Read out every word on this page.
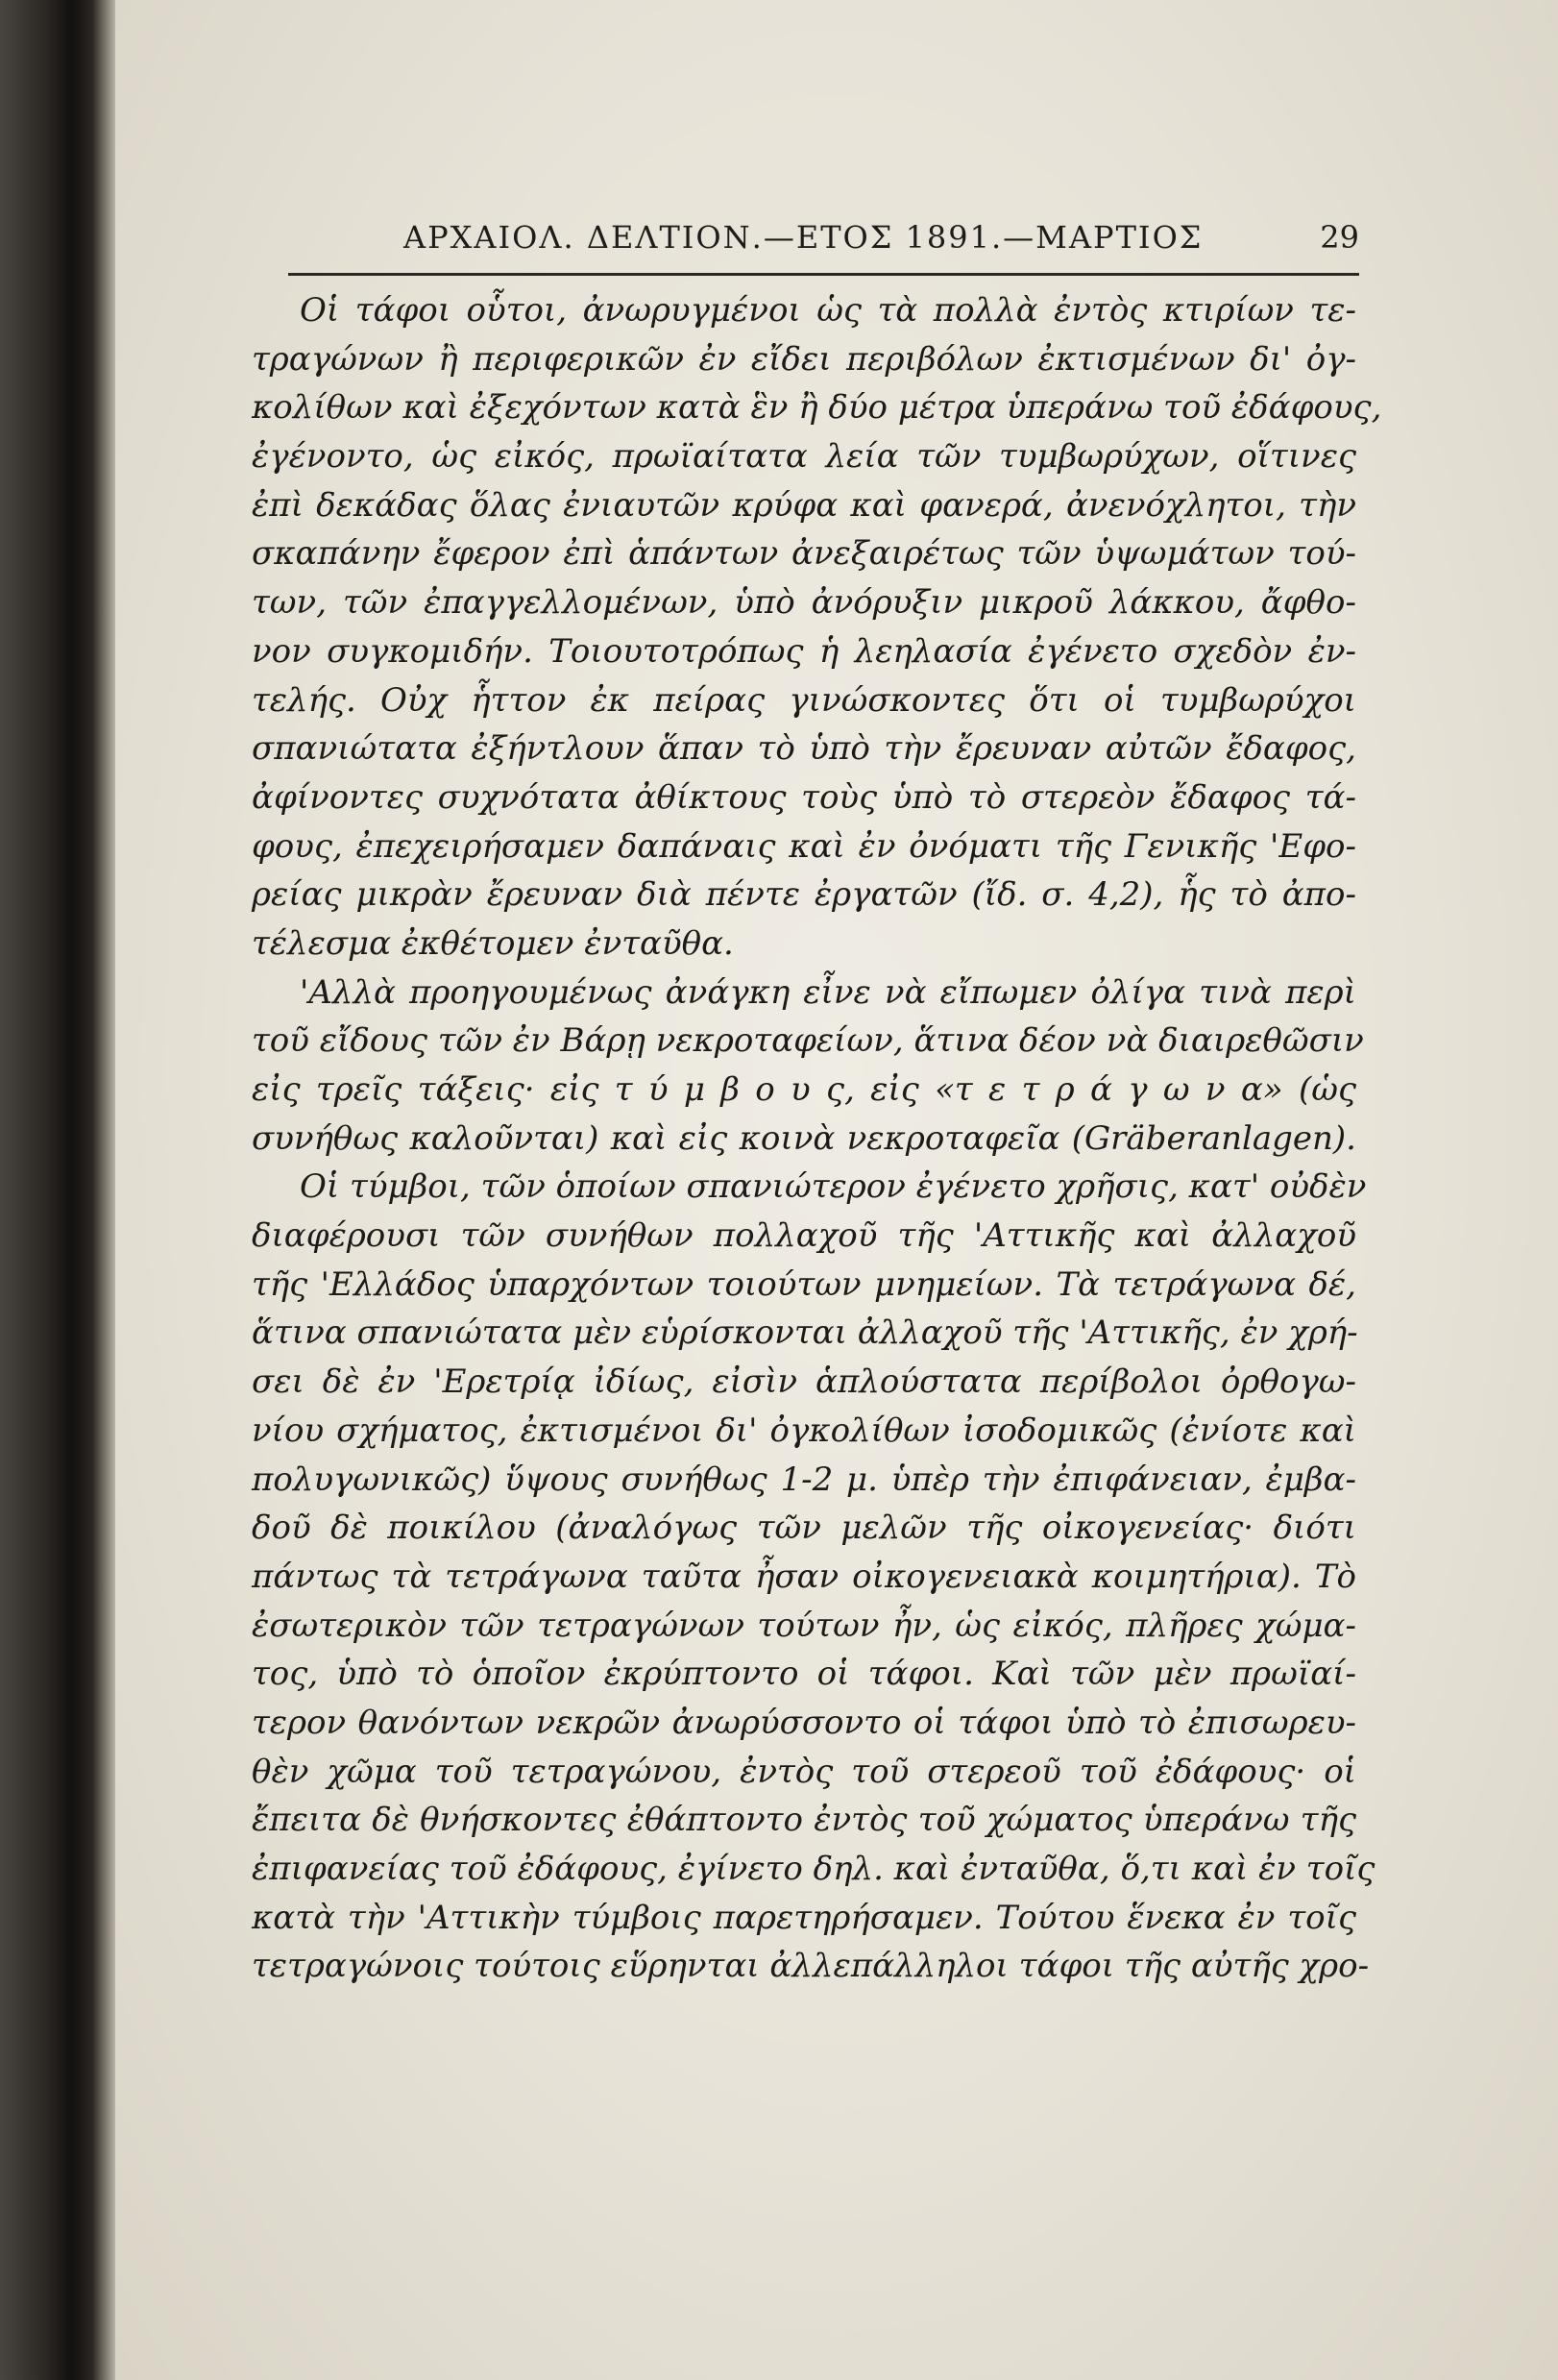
ΑΡΧΑΙΟΛ. ΔΕΛΤΙΟΝ.—ΕΤΟΣ 1891.—ΜΑΡΤΙΟΣ	29
Οἱ τάφοι οὗτοι, ἀνωρυγμένοι ὡς τὰ πολλὰ ἐντὸς κτιρίων τε-
τραγώνων ἢ περιφερικῶν ἐν εἴδει περιβόλων ἐκτισμένων δι' ὀγ-
κολίθων καὶ ἐξεχόντων κατὰ ἓν ἢ δύο μέτρα ὑπεράνω τοῦ ἐδάφους,
ἐγένοντο, ὡς εἰκός, πρωϊαίτατα λεία τῶν τυμβωρύχων, οἵτινες
ἐπὶ δεκάδας ὅλας ἐνιαυτῶν κρύφα καὶ φανερά, ἀνενόχλητοι, τὴν
σκαπάνην ἔφερον ἐπὶ ἁπάντων ἀνεξαιρέτως τῶν ὑψωμάτων τού-
των, τῶν ἐπαγγελλομένων, ὑπὸ ἀνόρυξιν μικροῦ λάκκου, ἄφθο-
νον συγκομιδήν. Τοιουτοτρόπως ἡ λεηλασία ἐγένετο σχεδὸν ἐν-
τελής. Οὐχ ἧττον ἐκ πείρας γινώσκοντες ὅτι οἱ τυμβωρύχοι
σπανιώτατα ἐξήντλουν ἅπαν τὸ ὑπὸ τὴν ἔρευναν αὐτῶν ἔδαφος,
ἀφίνοντες συχνότατα ἀθίκτους τοὺς ὑπὸ τὸ στερεὸν ἔδαφος τά-
φους, ἐπεχειρήσαμεν δαπάναις καὶ ἐν ὀνόματι τῆς Γενικῆς 'Εφο-
ρείας μικρὰν ἔρευναν διὰ πέντε ἐργατῶν (ἴδ. σ. 4,2), ἧς τὸ ἀπο-
τέλεσμα ἐκθέτομεν ἐνταῦθα.
'Αλλὰ προηγουμένως ἀνάγκη εἶνε νὰ εἴπωμεν ὀλίγα τινὰ περὶ
τοῦ εἴδους τῶν ἐν Βάρῃ νεκροταφείων, ἅτινα δέον νὰ διαιρεθῶσιν
εἰς τρεῖς τάξεις· εἰς τ ύ μ β ο υ ς, εἰς «τ ε τ ρ ά γ ω ν α» (ὡς
συνήθως καλοῦνται) καὶ εἰς κοινὰ νεκροταφεῖα (Gräberanlagen).
Οἱ τύμβοι, τῶν ὁποίων σπανιώτερον ἐγένετο χρῆσις, κατ' οὐδὲν
διαφέρουσι τῶν συνήθων πολλαχοῦ τῆς 'Αττικῆς καὶ ἀλλαχοῦ
τῆς 'Ελλάδος ὑπαρχόντων τοιούτων μνημείων. Τὰ τετράγωνα δέ,
ἅτινα σπανιώτατα μὲν εὑρίσκονται ἀλλαχοῦ τῆς 'Αττικῆς, ἐν χρή-
σει δὲ ἐν 'Ερετρίᾳ ἰδίως, εἰσὶν ἁπλούστατα περίβολοι ὀρθογω-
νίου σχήματος, ἐκτισμένοι δι' ὀγκολίθων ἰσοδομικῶς (ἐνίοτε καὶ
πολυγωνικῶς) ὕψους συνήθως 1-2 μ. ὑπὲρ τὴν ἐπιφάνειαν, ἐμβα-
δοῦ δὲ ποικίλου (ἀναλόγως τῶν μελῶν τῆς οἰκογενείας· διότι
πάντως τὰ τετράγωνα ταῦτα ἦσαν οἰκογενειακὰ κοιμητήρια). Τὸ
ἐσωτερικὸν τῶν τετραγώνων τούτων ἦν, ὡς εἰκός, πλῆρες χώμα-
τος, ὑπὸ τὸ ὁποῖον ἐκρύπτοντο οἱ τάφοι. Καὶ τῶν μὲν πρωϊαί-
τερον θανόντων νεκρῶν ἀνωρύσσοντο οἱ τάφοι ὑπὸ τὸ ἐπισωρευ-
θὲν χῶμα τοῦ τετραγώνου, ἐντὸς τοῦ στερεοῦ τοῦ ἐδάφους· οἱ
ἔπειτα δὲ θνήσκοντες ἐθάπτοντο ἐντὸς τοῦ χώματος ὑπεράνω τῆς
ἐπιφανείας τοῦ ἐδάφους, ἐγίνετο δηλ. καὶ ἐνταῦθα, ὅ,τι καὶ ἐν τοῖς
κατὰ τὴν 'Αττικὴν τύμβοις παρετηρήσαμεν. Τούτου ἕνεκα ἐν τοῖς
τετραγώνοις τούτοις εὕρηνται ἀλλεπάλληλοι τάφοι τῆς αὐτῆς χρο-
